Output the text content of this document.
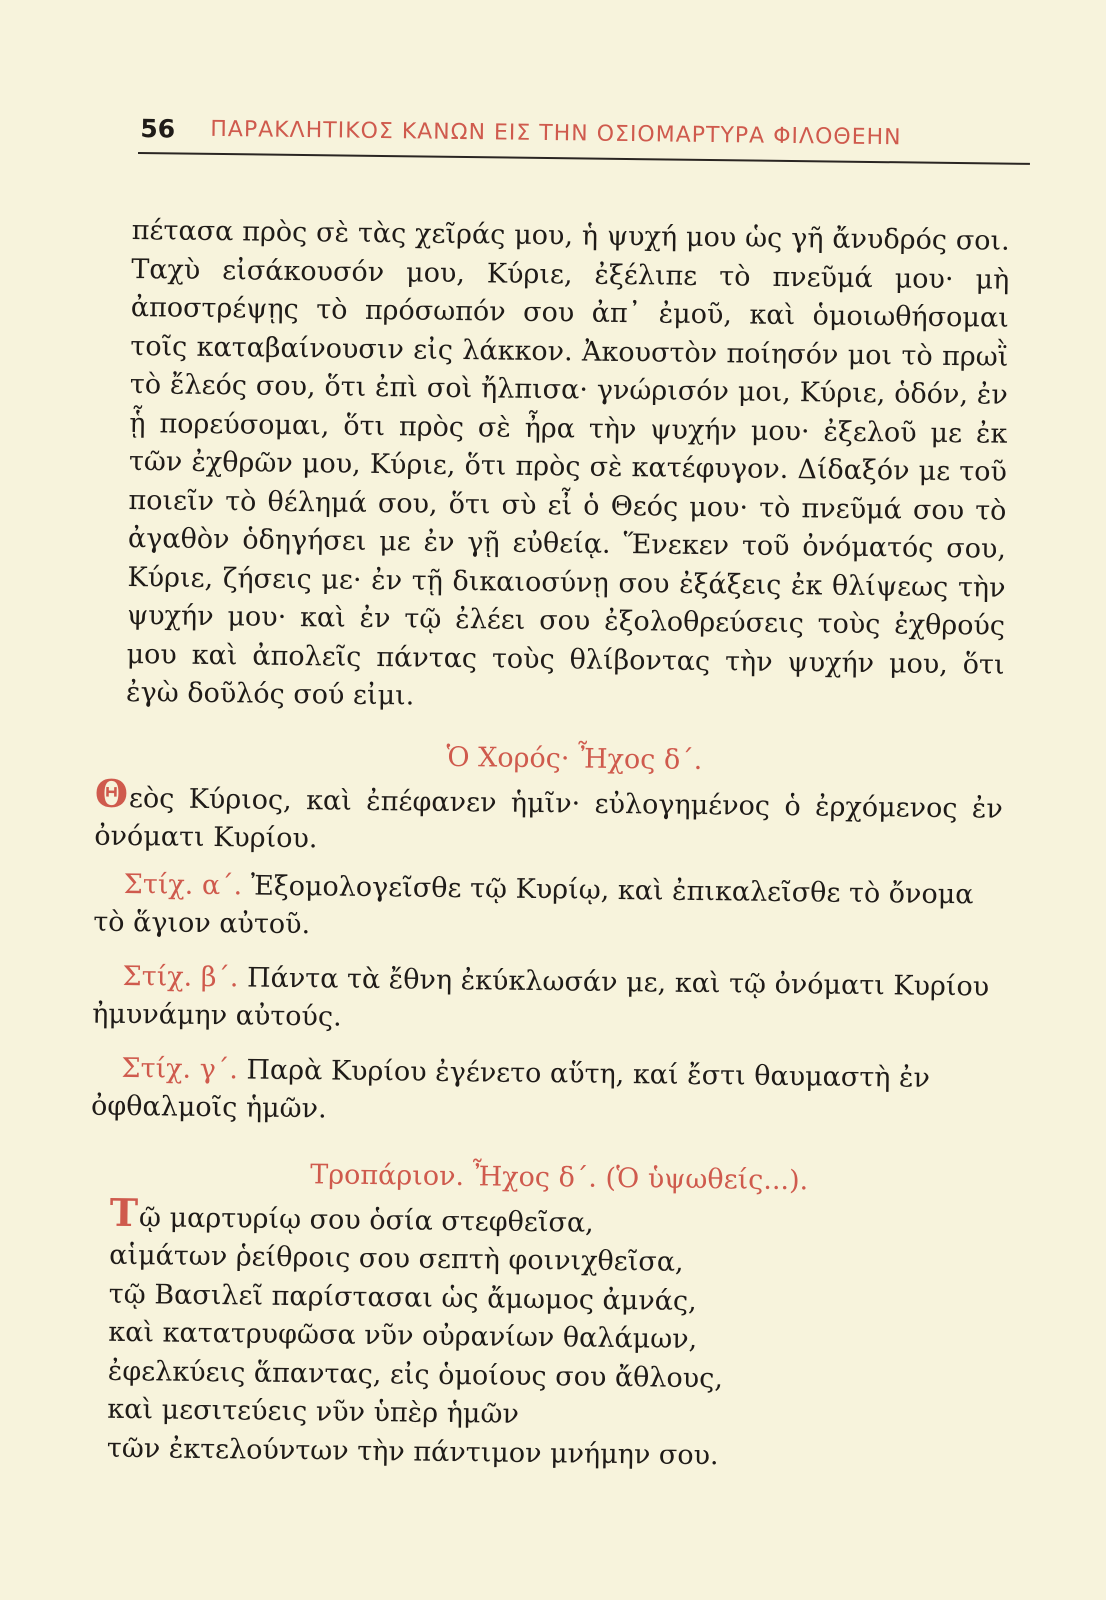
56 ΠΑΡΑΚΛΗΤΙΚΟΣ ΚΑΝΩΝ ΕΙΣ ΤΗΝ ΟΣΙΟΜΑΡΤΥΡΑ ΦΙΛΟΘΕΗΝ

πέτασα πρὸς σὲ τὰς χεῖράς μου, ἡ ψυχή μου ὡς γῆ ἄνυδρός σοι. Ταχὺ εἰσάκουσόν μου, Κύριε, ἐξέλιπε τὸ πνεῦμά μου· μὴ ἀποστρέψῃς τὸ πρόσωπόν σου ἀπ᾽ ἐμοῦ, καὶ ὁμοιωθήσομαι τοῖς καταβαίνουσιν εἰς λάκκον. Ἀκουστὸν ποίησόν μοι τὸ πρωῒ τὸ ἔλεός σου, ὅτι ἐπὶ σοὶ ἤλπισα· γνώρισόν μοι, Κύριε, ὁδόν, ἐν ᾗ πορεύσομαι, ὅτι πρὸς σὲ ἦρα τὴν ψυχήν μου· ἐξελοῦ με ἐκ τῶν ἐχθρῶν μου, Κύριε, ὅτι πρὸς σὲ κατέφυγον. Δίδαξόν με τοῦ ποιεῖν τὸ θέλημά σου, ὅτι σὺ εἶ ὁ Θεός μου· τὸ πνεῦμά σου τὸ ἀγαθὸν ὁδηγήσει με ἐν γῇ εὐθείᾳ. Ἕνεκεν τοῦ ὀνόματός σου, Κύριε, ζήσεις με· ἐν τῇ δικαιοσύνῃ σου ἐξάξεις ἐκ θλίψεως τὴν ψυχήν μου· καὶ ἐν τῷ ἐλέει σου ἐξολοθρεύσεις τοὺς ἐχθρούς μου καὶ ἀπολεῖς πάντας τοὺς θλίβοντας τὴν ψυχήν μου, ὅτι ἐγὼ δοῦλός σού εἰμι.

Ὁ Χορός· Ἦχος δ΄.

Θεὸς Κύριος, καὶ ἐπέφανεν ἡμῖν· εὐλογημένος ὁ ἐρχόμενος ἐν ὀνόματι Κυρίου.

Στίχ. α΄. Ἐξομολογεῖσθε τῷ Κυρίῳ, καὶ ἐπικαλεῖσθε τὸ ὄνομα τὸ ἅγιον αὐτοῦ.

Στίχ. β΄. Πάντα τὰ ἔθνη ἐκύκλωσάν με, καὶ τῷ ὀνόματι Κυρίου ἠμυνάμην αὐτούς.

Στίχ. γ΄. Παρὰ Κυρίου ἐγένετο αὕτη, καί ἔστι θαυμαστὴ ἐν ὀφθαλμοῖς ἡμῶν.

Τροπάριον. Ἦχος δ΄. (Ὁ ὑψωθείς...).

Τῷ μαρτυρίῳ σου ὁσία στεφθεῖσα,
αἱμάτων ῥείθροις σου σεπτὴ φοινιχθεῖσα,
τῷ Βασιλεῖ παρίστασαι ὡς ἄμωμος ἀμνάς,
καὶ κατατρυφῶσα νῦν οὐρανίων θαλάμων,
ἐφελκύεις ἅπαντας, εἰς ὁμοίους σου ἄθλους,
καὶ μεσιτεύεις νῦν ὑπὲρ ἡμῶν
τῶν ἐκτελούντων τὴν πάντιμον μνήμην σου.
